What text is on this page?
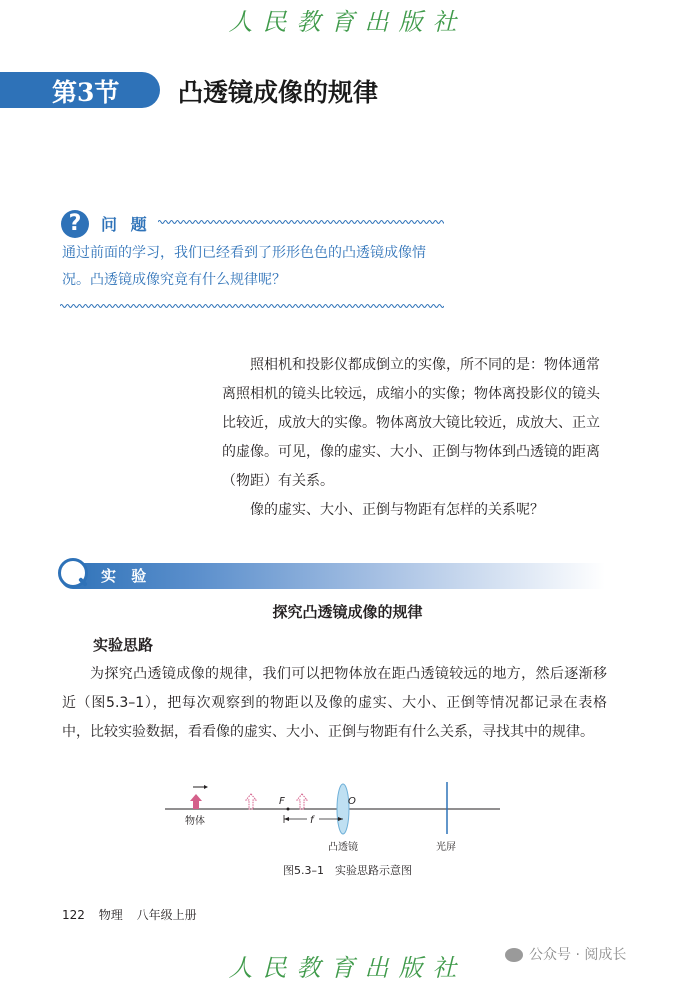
人民教育出版社
第3节 凸透镜成像的规律
?	问 题
通过前面的学习，我们已经看到了形形色色的凸透镜成像情况。凸透镜成像究竟有什么规律呢？

照相机和投影仪都成倒立的实像，所不同的是：物体通常离照相机的镜头比较远，成缩小的实像；物体离投影仪的镜头比较近，成放大的实像。物体离放大镜比较近，成放大、正立的虚像。可见，像的虚实、大小、正倒与物体到凸透镜的距离（物距）有关系。

像的虚实、大小、正倒与物距有怎样的关系呢？

实 验
探究凸透镜成像的规律
实验思路

为探究凸透镜成像的规律，我们可以把物体放在距凸透镜较远的地方，然后逐渐移近（图5.3–1），把每次观察到的物距以及像的虚实、大小、正倒等情况都记录在表格中，比较实验数据，看看像的虚实、大小、正倒与物距有什么关系，寻找其中的规律。

F	O
f
物体
凸透镜	光屏
图5.3–1　实验思路示意图
122 物理 八年级上册
人民教育出版社	公众号 · 阅成长
